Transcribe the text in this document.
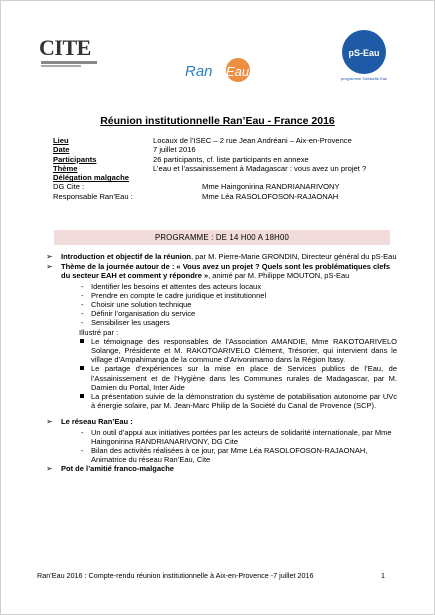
CITE
Ran Eau
pS-Eau
programme Solidarité Eau
Réunion institutionnelle Ran’Eau - France 2016
Lieu	Locaux de l’ISEC – 2 rue Jean Andréani – Aix-en-Provence
Date	7 juillet 2016
Participants	26 participants, cf. liste participants en annexe
Thème	L’eau et l’assainissement à Madagascar : vous avez un projet ?
Délégation malgache
DG Cite :	Mme Haingonirina RANDRIANARIVONY
Responsable Ran’Eau :	Mme Léa RASOLOFOSON-RAJAONAH
PROGRAMME : DE 14 H00 A 18H00
➢ Introduction et objectif de la réunion, par M. Pierre-Marie GRONDIN, Directeur général du pS-Eau
➢ Thème de la journée autour de : « Vous avez un projet ? Quels sont les problématiques clefs du secteur EAH et comment y répondre », animé par M. Philippe MOUTON, pS-Eau
- Identifier les besoins et attentes des acteurs locaux
- Prendre en compte le cadre juridique et institutionnel
- Choisir une solution technique
- Définir l’organisation du service
- Sensibiliser les usagers
Illustré par :
Le témoignage des responsables de l’Association AMANDIE, Mme RAKOTOARIVELO Solange, Présidente et M. RAKOTOARIVELO Clément, Trésorier, qui intervient dans le village d’Ampahimanga de la commune d’Arivonimamo dans la Région Itasy.
Le partage d’expériences sur la mise en place de Services publics de l’Eau, de l’Assainissement et de l’Hygiène dans les Communes rurales de Madagascar, par M. Damien du Portal, Inter Aide
La présentation suivie de la démonstration du système de potabilisation autonome par UVc à énergie solaire, par M. Jean-Marc Philip de la Société du Canal de Provence (SCP).
➢ Le réseau Ran’Eau :
- Un outil d’appui aux initiatives portées par les acteurs de solidarité internationale, par Mme Haingonirina RANDRIANARIVONY, DG Cite
- Bilan des activités réalisées à ce jour, par Mme Léa RASOLOFOSON-RAJAONAH, Animatrice du réseau Ran’Eau, Cite
➢ Pot de l’amitié franco-malgache
Ran’Eau 2016 : Compte-rendu réunion institutionnelle à Aix-en-Provence -7 juillet 2016	1
